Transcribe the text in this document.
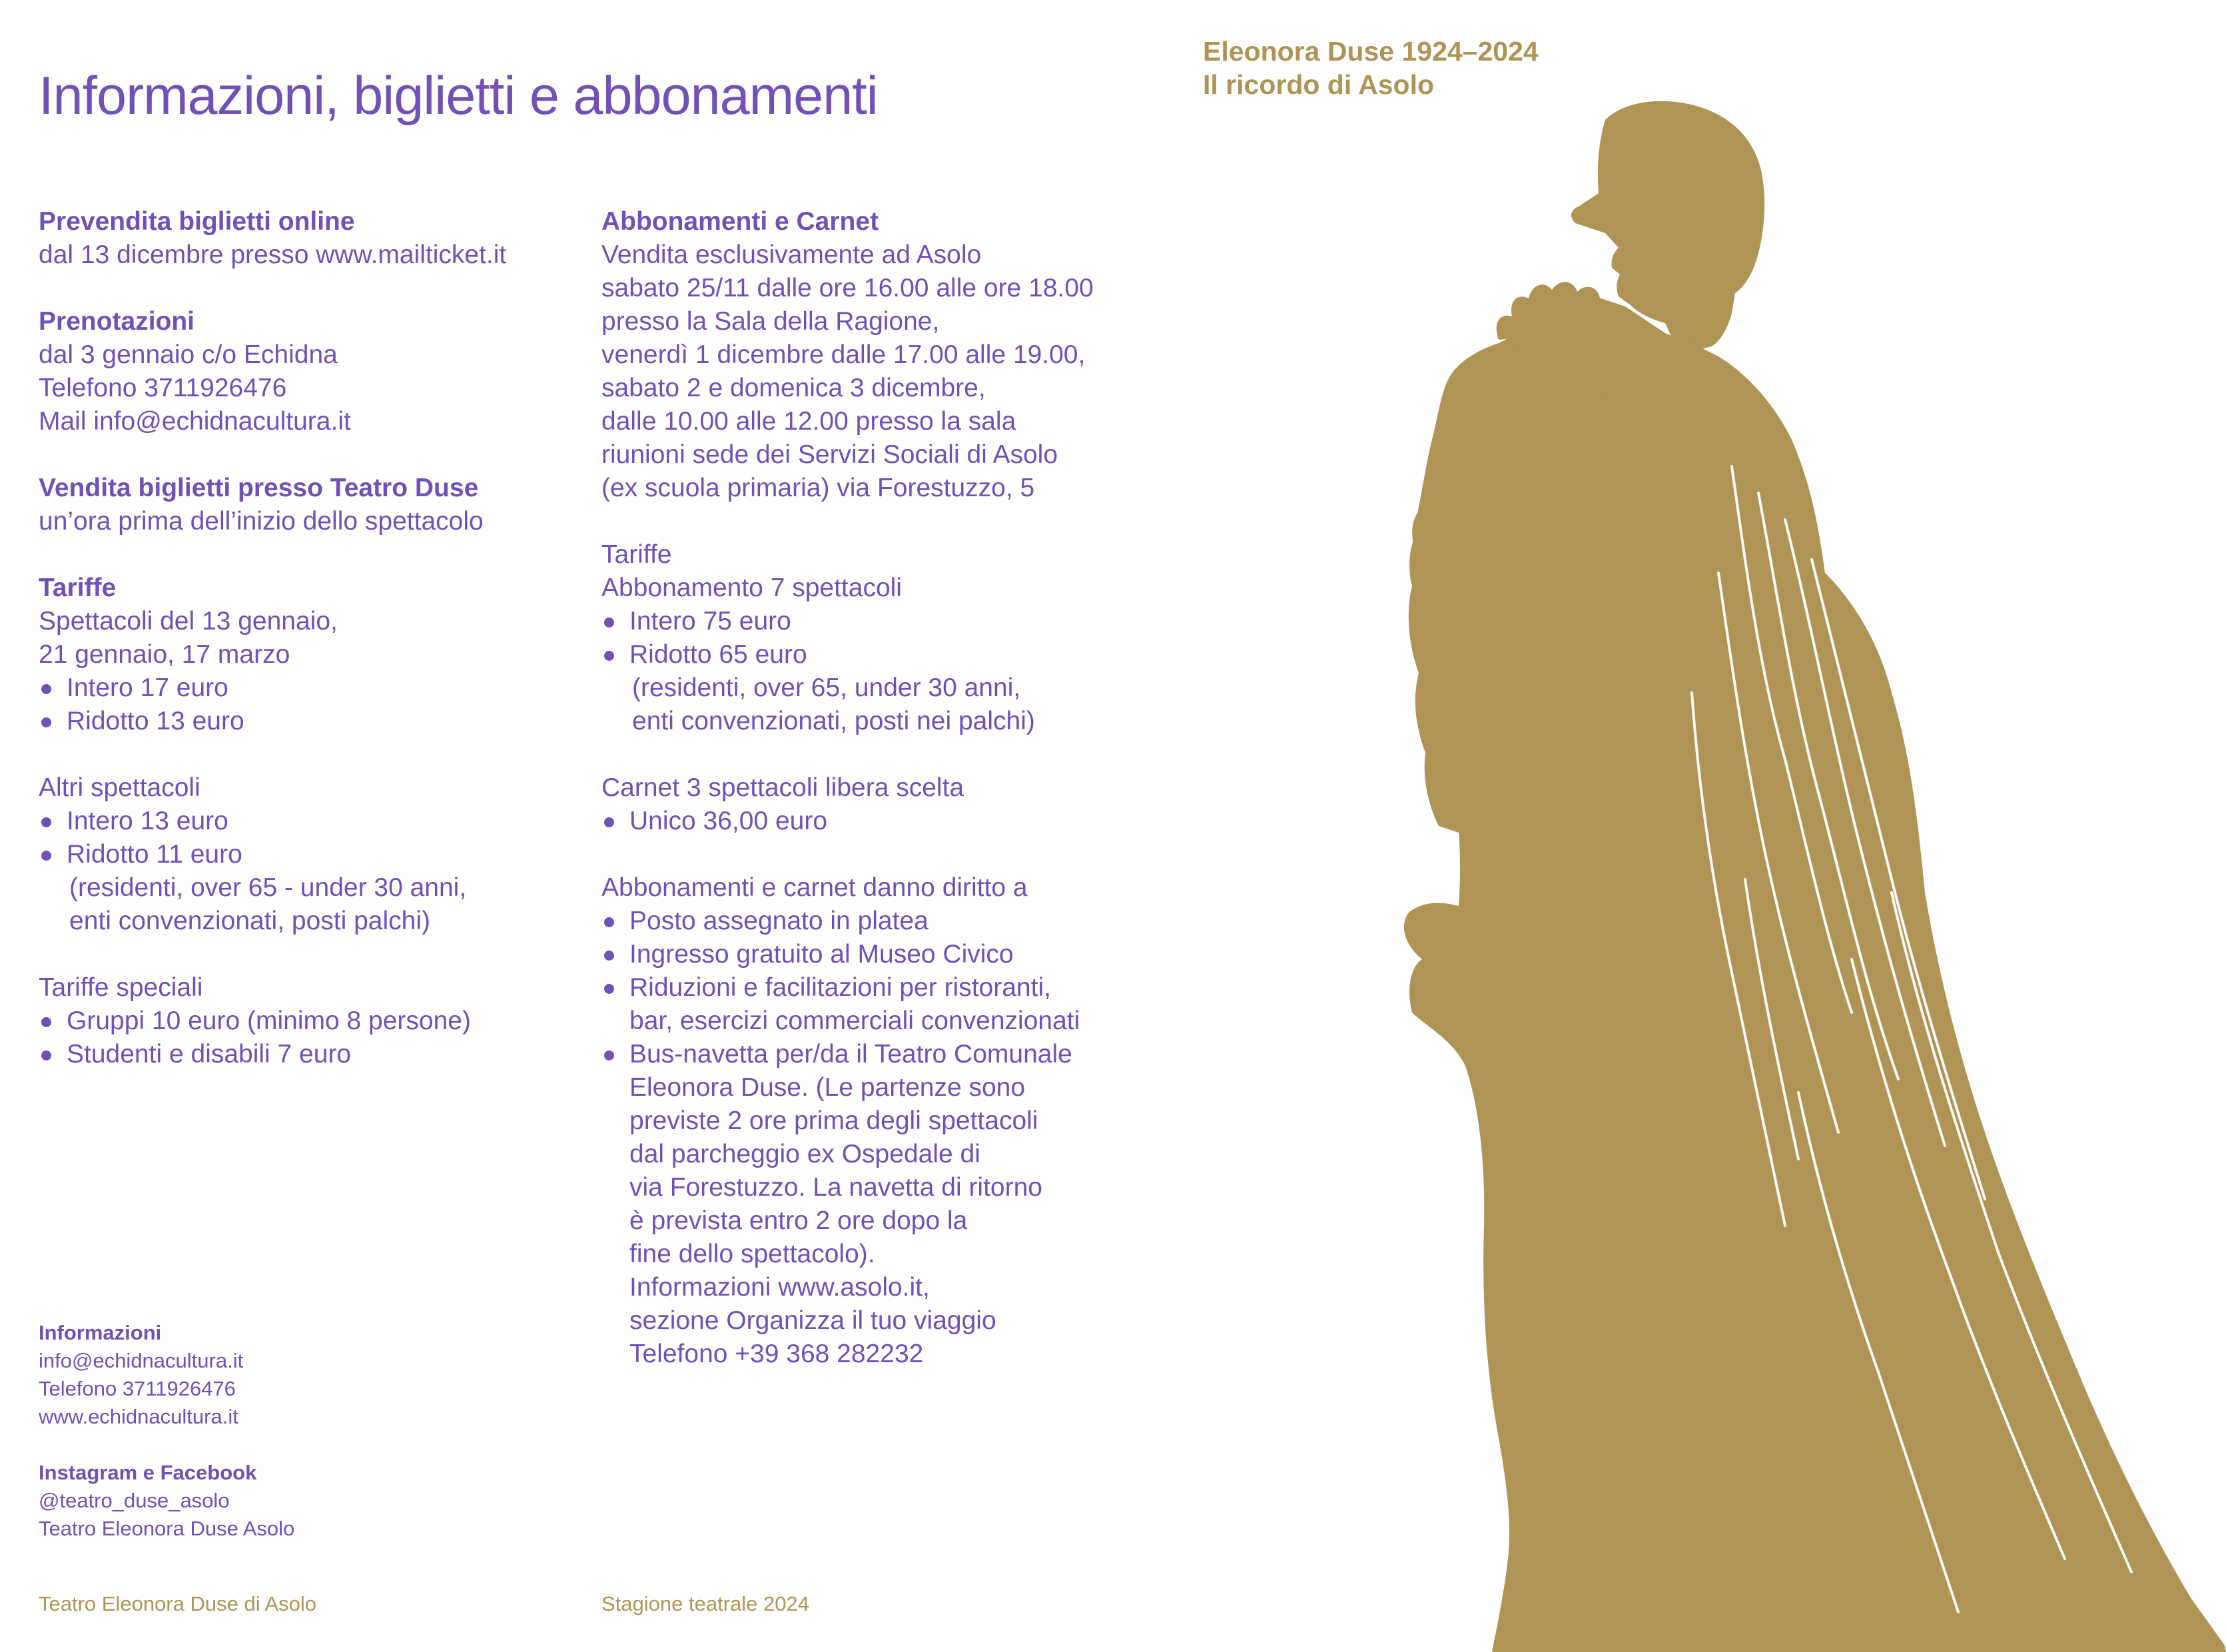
Informazioni, biglietti e abbonamenti
Eleonora Duse 1924–2024
Il ricordo di Asolo
Prevendita biglietti online
dal 13 dicembre presso www.mailticket.it
Prenotazioni
dal 3 gennaio c/o Echidna
Telefono 3711926476
Mail info@echidnacultura.it
Vendita biglietti presso Teatro Duse
un’ora prima dell’inizio dello spettacolo
Tariffe
Spettacoli del 13 gennaio,
21 gennaio, 17 marzo
Intero 17 euro
Ridotto 13 euro
Altri spettacoli
Intero 13 euro
Ridotto 11 euro
(residenti, over 65 - under 30 anni,
enti convenzionati, posti palchi)
Tariffe speciali
Gruppi 10 euro (minimo 8 persone)
Studenti e disabili 7 euro
Abbonamenti e Carnet
Vendita esclusivamente ad Asolo
sabato 25/11 dalle ore 16.00 alle ore 18.00
presso la Sala della Ragione,
venerdì 1 dicembre dalle 17.00 alle 19.00,
sabato 2 e domenica 3 dicembre,
dalle 10.00 alle 12.00 presso la sala
riunioni sede dei Servizi Sociali di Asolo
(ex scuola primaria) via Forestuzzo, 5
Tariffe
Abbonamento 7 spettacoli
Intero 75 euro
Ridotto 65 euro
(residenti, over 65, under 30 anni,
enti convenzionati, posti nei palchi)
Carnet 3 spettacoli libera scelta
Unico 36,00 euro
Abbonamenti e carnet danno diritto a
Posto assegnato in platea
Ingresso gratuito al Museo Civico
Riduzioni e facilitazioni per ristoranti,
bar, esercizi commerciali convenzionati
Bus-navetta per/da il Teatro Comunale
Eleonora Duse. (Le partenze sono
previste 2 ore prima degli spettacoli
dal parcheggio ex Ospedale di
via Forestuzzo. La navetta di ritorno
è prevista entro 2 ore dopo la
fine dello spettacolo).
Informazioni www.asolo.it,
sezione Organizza il tuo viaggio
Telefono +39 368 282232
Informazioni
info@echidnacultura.it
Telefono 3711926476
www.echidnacultura.it
Instagram e Facebook
@teatro_duse_asolo
Teatro Eleonora Duse Asolo
Teatro Eleonora Duse di Asolo	Stagione teatrale 2024
